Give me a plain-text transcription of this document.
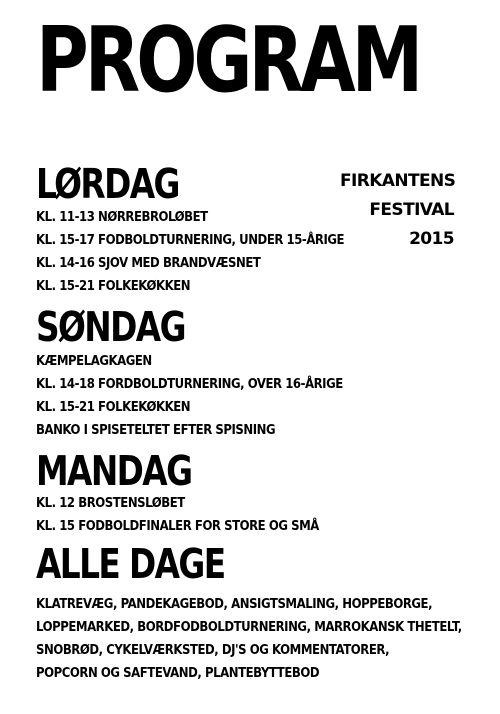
PROGRAM
FIRKANTENS
FESTIVAL
2015
LØRDAG
KL. 11-13 NØRREBROLØBET
KL. 15-17 FODBOLDTURNERING, UNDER 15-ÅRIGE
KL. 14-16 SJOV MED BRANDVÆSNET
KL. 15-21 FOLKEKØKKEN
SØNDAG
KÆMPELAGKAGEN
KL. 14-18 FORDBOLDTURNERING, OVER 16-ÅRIGE
KL. 15-21 FOLKEKØKKEN
BANKO I SPISETELTET EFTER SPISNING
MANDAG
KL. 12 BROSTENSLØBET
KL. 15 FODBOLDFINALER FOR STORE OG SMÅ
ALLE DAGE
KLATREVÆG, PANDEKAGEBOD, ANSIGTSMALING, HOPPEBORGE,
LOPPEMARKED, BORDFODBOLDTURNERING, MARROKANSK THETELT,
SNOBRØD, CYKELVÆRKSTED, DJ'S OG KOMMENTATORER,
POPCORN OG SAFTEVAND, PLANTEBYTTEBOD
